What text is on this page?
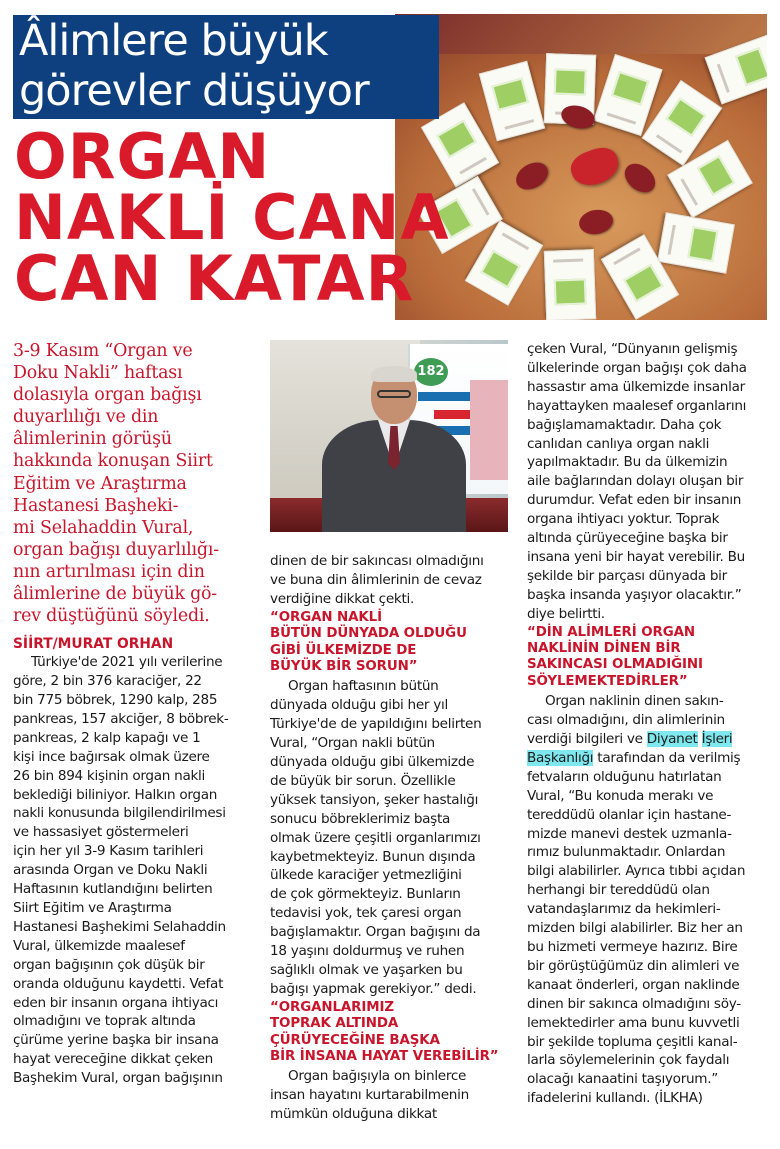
Âlimlere büyük
görevler düşüyor
ORGAN
NAKLİ CANA
CAN KATAR
3-9 Kasım “Organ ve
Doku Nakli” haftası
dolasıyla organ bağışı
duyarlılığı ve din
âlimlerinin görüşü
hakkında konuşan Siirt
Eğitim ve Araştırma
Hastanesi Başheki-
mi Selahaddin Vural,
organ bağışı duyarlılığı-
nın artırılması için din
âlimlerine de büyük gö-
rev düştüğünü söyledi.
SİİRT/MURAT ORHAN
Türkiye'de 2021 yılı verilerine
göre, 2 bin 376 karaciğer, 22
bin 775 böbrek, 1290 kalp, 285
pankreas, 157 akciğer, 8 böbrek-
pankreas, 2 kalp kapağı ve 1
kişi ince bağırsak olmak üzere
26 bin 894 kişinin organ nakli
beklediği biliniyor. Halkın organ
nakli konusunda bilgilendirilmesi
ve hassasiyet göstermeleri
için her yıl 3-9 Kasım tarihleri
arasında Organ ve Doku Nakli
Haftasının kutlandığını belirten
Siirt Eğitim ve Araştırma
Hastanesi Başhekimi Selahaddin
Vural, ülkemizde maalesef
organ bağışının çok düşük bir
oranda olduğunu kaydetti. Vefat
eden bir insanın organa ihtiyacı
olmadığını ve toprak altında
çürüme yerine başka bir insana
hayat vereceğine dikkat çeken
Başhekim Vural, organ bağışının
182
dinen de bir sakıncası olmadığını
ve buna din âlimlerinin de cevaz
verdiğine dikkat çekti.
“ORGAN NAKLİ
BÜTÜN DÜNYADA OLDUĞU
GİBİ ÜLKEMİZDE DE
BÜYÜK BİR SORUN”
Organ haftasının bütün
dünyada olduğu gibi her yıl
Türkiye'de de yapıldığını belirten
Vural, “Organ nakli bütün
dünyada olduğu gibi ülkemizde
de büyük bir sorun. Özellikle
yüksek tansiyon, şeker hastalığı
sonucu böbreklerimiz başta
olmak üzere çeşitli organlarımızı
kaybetmekteyiz. Bunun dışında
ülkede karaciğer yetmezliğini
de çok görmekteyiz. Bunların
tedavisi yok, tek çaresi organ
bağışlamaktır. Organ bağışını da
18 yaşını doldurmuş ve ruhen
sağlıklı olmak ve yaşarken bu
bağışı yapmak gerekiyor.” dedi.
“ORGANLARIMIZ
TOPRAK ALTINDA
ÇÜRÜYECEĞİNE BAŞKA
BİR İNSANA HAYAT VEREBİLİR”
Organ bağışıyla on binlerce
insan hayatını kurtarabilmenin
mümkün olduğuna dikkat
çeken Vural, “Dünyanın gelişmiş
ülkelerinde organ bağışı çok daha
hassastır ama ülkemizde insanlar
hayattayken maalesef organlarını
bağışlamamaktadır. Daha çok
canlıdan canlıya organ nakli
yapılmaktadır. Bu da ülkemizin
aile bağlarından dolayı oluşan bir
durumdur. Vefat eden bir insanın
organa ihtiyacı yoktur. Toprak
altında çürüyeceğine başka bir
insana yeni bir hayat verebilir. Bu
şekilde bir parçası dünyada bir
başka insanda yaşıyor olacaktır.”
diye belirtti.
“DİN ALİMLERİ ORGAN
NAKLİNİN DİNEN BİR
SAKINCASI OLMADIĞINI
SÖYLEMEKTEDİRLER”
Organ naklinin dinen sakın-
cası olmadığını, din alimlerinin
verdiği bilgileri ve Diyanet İşleri
Başkanlığı tarafından da verilmiş
fetvaların olduğunu hatırlatan
Vural, “Bu konuda merakı ve
tereddüdü olanlar için hastane-
mizde manevi destek uzmanla-
rımız bulunmaktadır. Onlardan
bilgi alabilirler. Ayrıca tıbbi açıdan
herhangi bir tereddüdü olan
vatandaşlarımız da hekimleri-
mizden bilgi alabilirler. Biz her an
bu hizmeti vermeye hazırız. Bire
bir görüştüğümüz din alimleri ve
kanaat önderleri, organ naklinde
dinen bir sakınca olmadığını söy-
lemektedirler ama bunu kuvvetli
bir şekilde topluma çeşitli kanal-
larla söylemelerinin çok faydalı
olacağı kanaatini taşıyorum.”
ifadelerini kullandı. (İLKHA)
